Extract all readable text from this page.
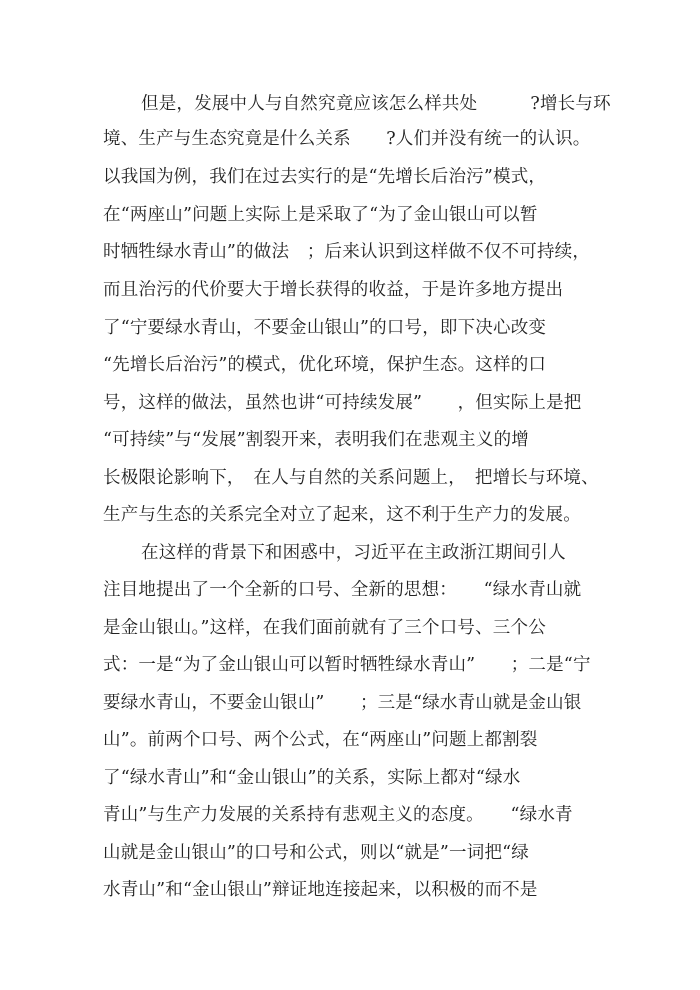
但是，发展中人与自然究竟应该怎么样共处　　　?增长与环
境、生产与生态究竟是什么关系　　?人们并没有统一的认识。
以我国为例，我们在过去实行的是“先增长后治污”模式，
在“两座山”问题上实际上是采取了“为了金山银山可以暂
时牺牲绿水青山”的做法　；后来认识到这样做不仅不可持续，
而且治污的代价要大于增长获得的收益，于是许多地方提出
了“宁要绿水青山，不要金山银山”的口号，即下决心改变
“先增长后治污”的模式，优化环境，保护生态。这样的口
号，这样的做法，虽然也讲“可持续发展”　　，但实际上是把
“可持续”与“发展”割裂开来，表明我们在悲观主义的增
长极限论影响下，　在人与自然的关系问题上，　把增长与环境、
生产与生态的关系完全对立了起来，这不利于生产力的发展。
在这样的背景下和困惑中，习近平在主政浙江期间引人
注目地提出了一个全新的口号、全新的思想：　　“绿水青山就
是金山银山。”这样，在我们面前就有了三个口号、三个公
式：一是“为了金山银山可以暂时牺牲绿水青山”　　；二是“宁
要绿水青山，不要金山银山”　　；三是“绿水青山就是金山银
山”。前两个口号、两个公式，在“两座山”问题上都割裂
了“绿水青山”和“金山银山”的关系，实际上都对“绿水
青山”与生产力发展的关系持有悲观主义的态度。　　“绿水青
山就是金山银山”的口号和公式，则以“就是”一词把“绿
水青山”和“金山银山”辩证地连接起来，以积极的而不是
